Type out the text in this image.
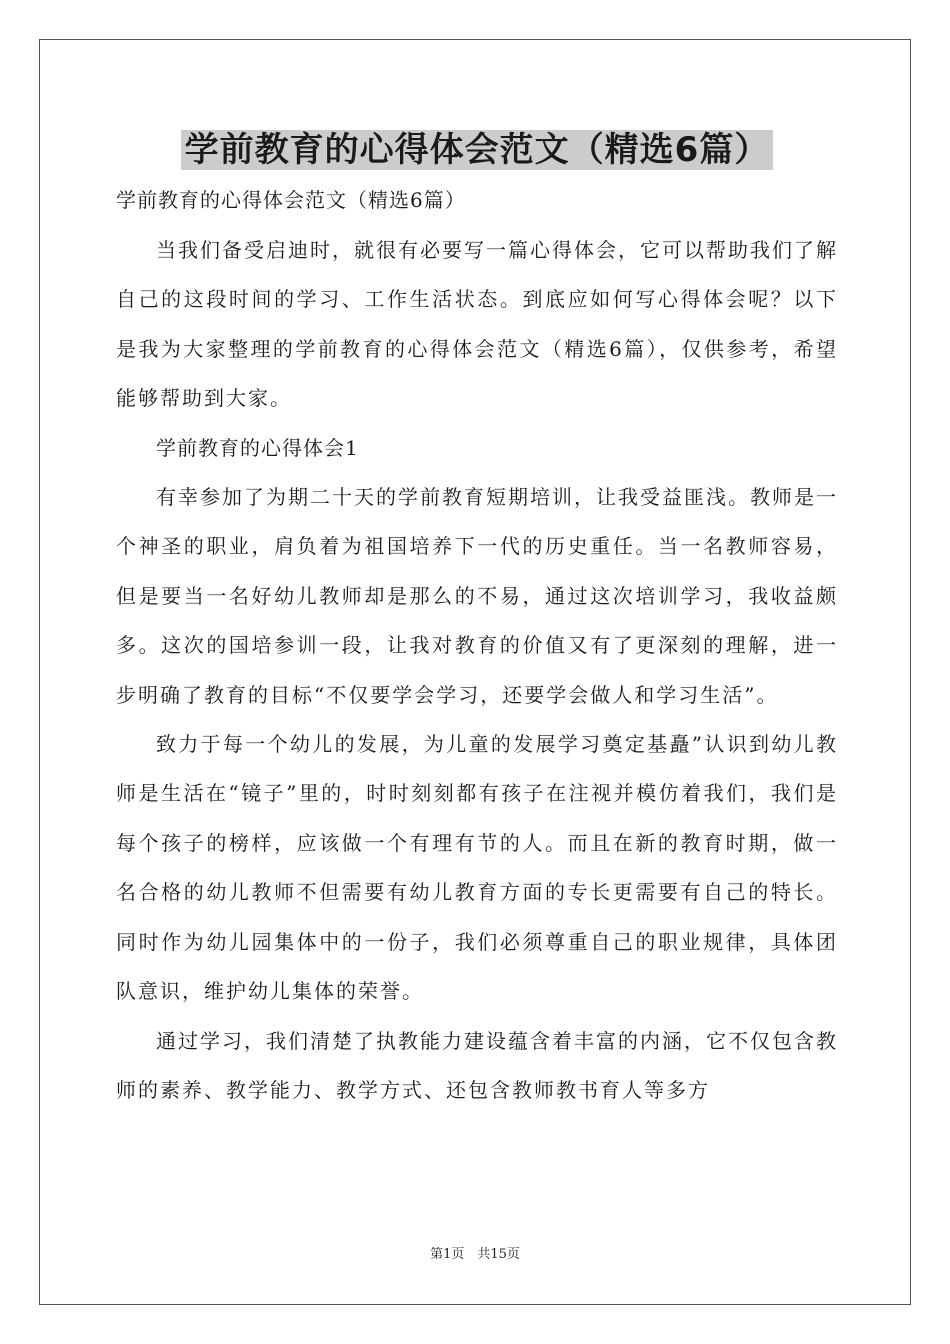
学前教育的心得体会范文（精选6篇）
学前教育的心得体会范文（精选6篇）

当我们备受启迪时，就很有必要写一篇心得体会，它可以帮助我们了解自己的这段时间的学习、工作生活状态。到底应如何写心得体会呢？以下是我为大家整理的学前教育的心得体会范文（精选6篇），仅供参考，希望能够帮助到大家。

学前教育的心得体会1

有幸参加了为期二十天的学前教育短期培训，让我受益匪浅。教师是一个神圣的职业，肩负着为祖国培养下一代的历史重任。当一名教师容易，但是要当一名好幼儿教师却是那么的不易，通过这次培训学习，我收益颇多。这次的国培参训一段，让我对教育的价值又有了更深刻的理解，进一步明确了教育的目标“不仅要学会学习，还要学会做人和学习生活”。

致力于每一个幼儿的发展，为儿童的发展学习奠定基矗”认识到幼儿教师是生活在“镜子”里的，时时刻刻都有孩子在注视并模仿着我们，我们是每个孩子的榜样，应该做一个有理有节的人。而且在新的教育时期，做一名合格的幼儿教师不但需要有幼儿教育方面的专长更需要有自己的特长。同时作为幼儿园集体中的一份子，我们必须尊重自己的职业规律，具体团队意识，维护幼儿集体的荣誉。

通过学习，我们清楚了执教能力建设蕴含着丰富的内涵，它不仅包含教师的素养、教学能力、教学方式、还包含教师教书育人等多方

第1页　共15页
